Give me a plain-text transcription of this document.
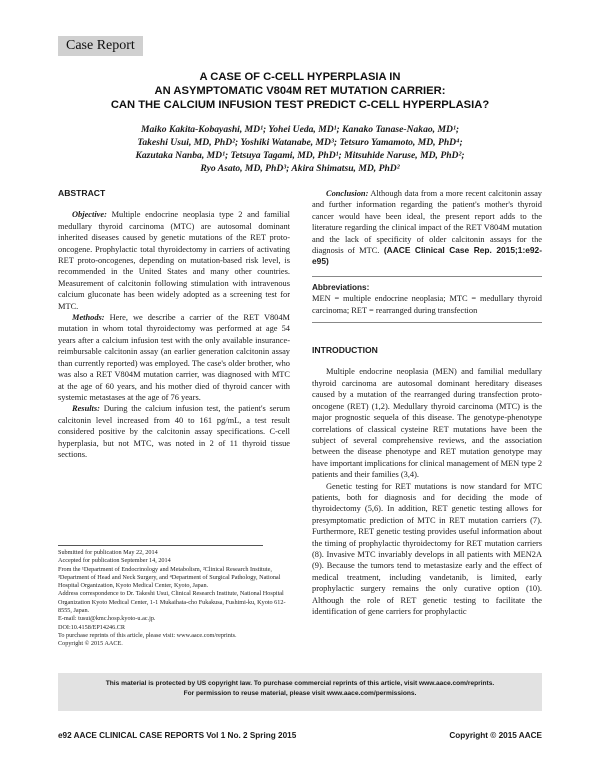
Case Report
A CASE OF C-CELL HYPERPLASIA IN
AN ASYMPTOMATIC V804M RET MUTATION CARRIER:
CAN THE CALCIUM INFUSION TEST PREDICT C-CELL HYPERPLASIA?
Maiko Kakita-Kobayashi, MD¹; Yohei Ueda, MD¹; Kanako Tanase-Nakao, MD¹;
Takeshi Usui, MD, PhD²; Yoshiki Watanabe, MD³; Tetsuro Yamamoto, MD, PhD⁴;
Kazutaka Nanba, MD¹; Tetsuya Tagami, MD, PhD¹; Mitsuhide Naruse, MD, PhD²;
Ryo Asato, MD, PhD³; Akira Shimatsu, MD, PhD²
ABSTRACT

Objective: Multiple endocrine neoplasia type 2 and familial medullary thyroid carcinoma (MTC) are autosomal dominant inherited diseases caused by genetic mutations of the RET proto-oncogene. Prophylactic total thyroidectomy in carriers of activating RET proto-oncogenes, depending on mutation-based risk level, is recommended in the United States and many other countries. Measurement of calcitonin following stimulation with intravenous calcium gluconate has been widely adopted as a screening test for MTC.

Methods: Here, we describe a carrier of the RET V804M mutation in whom total thyroidectomy was performed at age 54 years after a calcium infusion test with the only available insurance-reimbursable calcitonin assay (an earlier generation calcitonin assay than currently reported) was employed. The case's older brother, who was also a RET V804M mutation carrier, was diagnosed with MTC at the age of 60 years, and his mother died of thyroid cancer with systemic metastases at the age of 76 years.

Results: During the calcium infusion test, the patient's serum calcitonin level increased from 40 to 161 pg/mL, a test result considered positive by the calcitonin assay specifications. C-cell hyperplasia, but not MTC, was noted in 2 of 11 thyroid tissue sections.

Submitted for publication May 22, 2014
Accepted for publication September 14, 2014
From the ¹Department of Endocrinology and Metabolism, ²Clinical Research Institute, ³Department of Head and Neck Surgery, and ⁴Department of Surgical Pathology, National Hospital Organization, Kyoto Medical Center, Kyoto, Japan.
Address correspondence to Dr. Takeshi Usui, Clinical Research Institute, National Hospital Organization Kyoto Medical Center, 1-1 Mukaihata-cho Fukakusa, Fushimi-ku, Kyoto 612-8555, Japan.
E-mail: tusui@kmc.hosp.kyoto-u.ac.jp.
DOI:10.4158/EP14246.CR
To purchase reprints of this article, please visit: www.aace.com/reprints.
Copyright © 2015 AACE.

Conclusion: Although data from a more recent calcitonin assay and further information regarding the patient's mother's thyroid cancer would have been ideal, the present report adds to the literature regarding the clinical impact of the RET V804M mutation and the lack of specificity of older calcitonin assays for the diagnosis of MTC. (AACE Clinical Case Rep. 2015;1:e92-e95)

Abbreviations:
MEN = multiple endocrine neoplasia; MTC = medullary thyroid carcinoma; RET = rearranged during transfection
INTRODUCTION

Multiple endocrine neoplasia (MEN) and familial medullary thyroid carcinoma are autosomal dominant hereditary diseases caused by a mutation of the rearranged during transfection proto-oncogene (RET) (1,2). Medullary thyroid carcinoma (MTC) is the major prognostic sequela of this disease. The genotype-phenotype correlations of classical cysteine RET mutations have been the subject of several comprehensive reviews, and the association between the disease phenotype and RET mutation genotype may have important implications for clinical management of MEN type 2 patients and their families (3,4).

Genetic testing for RET mutations is now standard for MTC patients, both for diagnosis and for deciding the mode of thyroidectomy (5,6). In addition, RET genetic testing allows for presymptomatic prediction of MTC in RET mutation carriers (7). Furthermore, RET genetic testing provides useful information about the timing of prophylactic thyroidectomy for RET mutation carriers (8). Invasive MTC invariably develops in all patients with MEN2A (9). Because the tumors tend to metastasize early and the effect of medical treatment, including vandetanib, is limited, early prophylactic surgery remains the only curative option (10). Although the role of RET genetic testing to facilitate the identification of gene carriers for prophylactic

This material is protected by US copyright law. To purchase commercial reprints of this article, visit www.aace.com/reprints.
For permission to reuse material, please visit www.aace.com/permissions.
e92 AACE CLINICAL CASE REPORTS Vol 1 No. 2 Spring 2015	Copyright © 2015 AACE
